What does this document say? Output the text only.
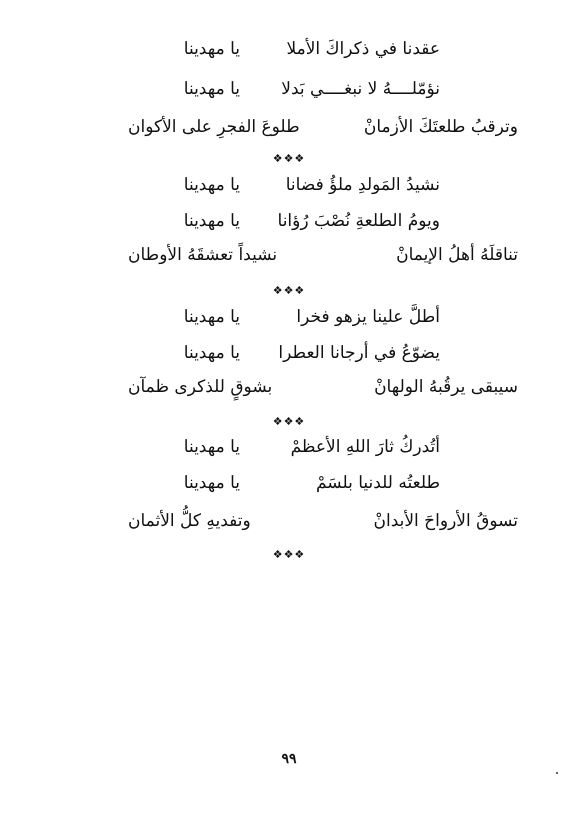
عقدنا في ذكراكَ الأملا
يا مهدينا
نؤمّلــــهُ لا نبغــــي بَدلا
يا مهدينا
وترقبُ طلعتَكَ الأزمانْ
طلوعَ الفجرِ على الأكوان
❖❖❖
نشيدُ المَولدِ ملؤُ فضانا
يا مهدينا
ويومُ الطلعةِ نُصْبَ رُؤانا
يا مهدينا
تناقلَهُ أهلُ الإيمانْ
نشيداً تعشقَهُ الأوطان
❖❖❖
أطلَّ علينا يزهو فخرا
يا مهدينا
يضوّعُ في أرجانا العطرا
يا مهدينا
سيبقى يرقُبهُ الولهانْ
بشوقٍ للذكرى ظمآن
❖❖❖
أتُدركُ ثارَ اللهِ الأعظمْ
يا مهدينا
طلعتُه للدنيا بلسَمْ
يا مهدينا
تسوقُ الأرواحَ الأبدانْ
وتفديهِ كلُّ الأثمان
❖❖❖
٩٩
